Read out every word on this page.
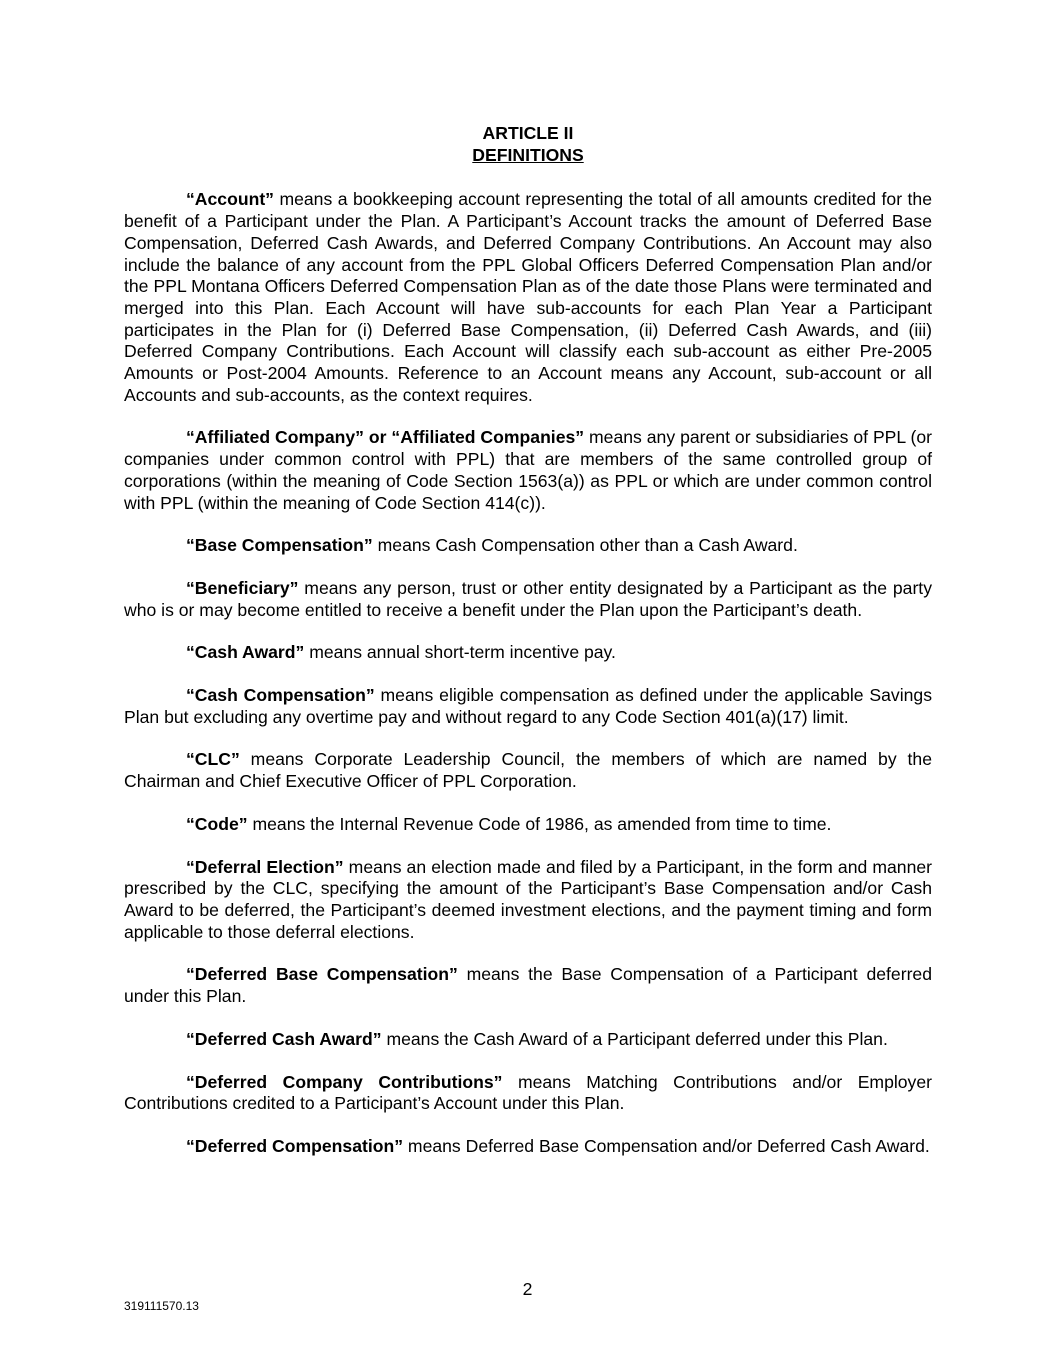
ARTICLE II
DEFINITIONS

“Account” means a bookkeeping account representing the total of all amounts credited for the benefit of a Participant under the Plan. A Participant’s Account tracks the amount of Deferred Base Compensation, Deferred Cash Awards, and Deferred Company Contributions. An Account may also include the balance of any account from the PPL Global Officers Deferred Compensation Plan and/or the PPL Montana Officers Deferred Compensation Plan as of the date those Plans were terminated and merged into this Plan. Each Account will have sub-accounts for each Plan Year a Participant participates in the Plan for (i) Deferred Base Compensation, (ii) Deferred Cash Awards, and (iii) Deferred Company Contributions. Each Account will classify each sub-account as either Pre-2005 Amounts or Post-2004 Amounts. Reference to an Account means any Account, sub-account or all Accounts and sub-accounts, as the context requires.

“Affiliated Company” or “Affiliated Companies” means any parent or subsidiaries of PPL (or companies under common control with PPL) that are members of the same controlled group of corporations (within the meaning of Code Section 1563(a)) as PPL or which are under common control with PPL (within the meaning of Code Section 414(c)).

“Base Compensation” means Cash Compensation other than a Cash Award.

“Beneficiary” means any person, trust or other entity designated by a Participant as the party who is or may become entitled to receive a benefit under the Plan upon the Participant’s death.

“Cash Award” means annual short-term incentive pay.

“Cash Compensation” means eligible compensation as defined under the applicable Savings Plan but excluding any overtime pay and without regard to any Code Section 401(a)(17) limit.

“CLC” means Corporate Leadership Council, the members of which are named by the Chairman and Chief Executive Officer of PPL Corporation.

“Code” means the Internal Revenue Code of 1986, as amended from time to time.

“Deferral Election” means an election made and filed by a Participant, in the form and manner prescribed by the CLC, specifying the amount of the Participant’s Base Compensation and/or Cash Award to be deferred, the Participant’s deemed investment elections, and the payment timing and form applicable to those deferral elections.

“Deferred Base Compensation” means the Base Compensation of a Participant deferred under this Plan.

“Deferred Cash Award” means the Cash Award of a Participant deferred under this Plan.

“Deferred Company Contributions” means Matching Contributions and/or Employer Contributions credited to a Participant’s Account under this Plan.

“Deferred Compensation” means Deferred Base Compensation and/or Deferred Cash Award.

2
319111570.13
